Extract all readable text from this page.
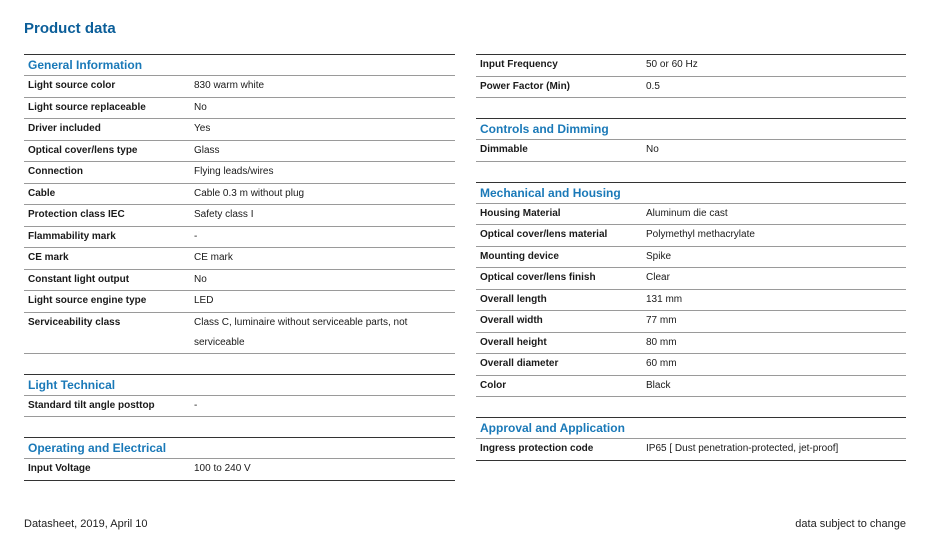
Product data
General Information
Light source color	830 warm white
Light source replaceable	No
Driver included	Yes
Optical cover/lens type	Glass
Connection	Flying leads/wires
Cable	Cable 0.3 m without plug
Protection class IEC	Safety class I
Flammability mark	-
CE mark	CE mark
Constant light output	No
Light source engine type	LED
Serviceability class	Class C, luminaire without serviceable parts, not serviceable
Light Technical
Standard tilt angle posttop	-
Operating and Electrical
Input Voltage	100 to 240 V
Input Frequency	50 or 60 Hz
Power Factor (Min)	0.5
Controls and Dimming
Dimmable	No
Mechanical and Housing
Housing Material	Aluminum die cast
Optical cover/lens material	Polymethyl methacrylate
Mounting device	Spike
Optical cover/lens finish	Clear
Overall length	131 mm
Overall width	77 mm
Overall height	80 mm
Overall diameter	60 mm
Color	Black
Approval and Application
Ingress protection code	IP65 [ Dust penetration-protected, jet-proof]
Datasheet, 2019, April 10	data subject to change
